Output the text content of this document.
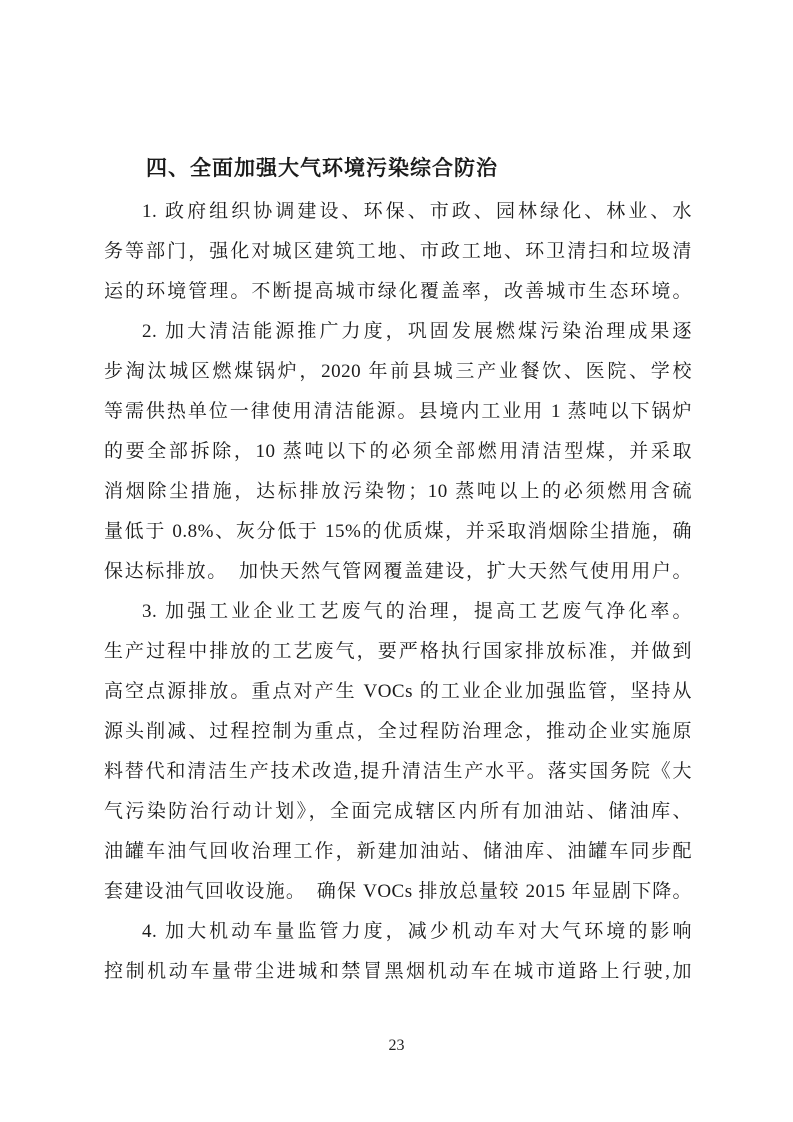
四、全面加强大气环境污染综合防治
1. 政府组织协调建设、环保、市政、园林绿化、林业、水
务等部门，强化对城区建筑工地、市政工地、环卫清扫和垃圾清
运的环境管理。不断提高城市绿化覆盖率，改善城市生态环境。
2. 加大清洁能源推广力度，巩固发展燃煤污染治理成果逐
步淘汰城区燃煤锅炉，2020 年前县城三产业餐饮、医院、学校
等需供热单位一律使用清洁能源。县境内工业用 1 蒸吨以下锅炉
的要全部拆除，10 蒸吨以下的必须全部燃用清洁型煤，并采取
消烟除尘措施，达标排放污染物；10 蒸吨以上的必须燃用含硫
量低于 0.8%、灰分低于 15%的优质煤，并采取消烟除尘措施，确
保达标排放。　加快天然气管网覆盖建设，扩大天然气使用用户。
3. 加强工业企业工艺废气的治理，提高工艺废气净化率。
生产过程中排放的工艺废气，要严格执行国家排放标准，并做到
高空点源排放。重点对产生 VOCs 的工业企业加强监管，坚持从
源头削减、过程控制为重点，全过程防治理念，推动企业实施原
料替代和清洁生产技术改造,提升清洁生产水平。落实国务院《大
气污染防治行动计划》，全面完成辖区内所有加油站、储油库、
油罐车油气回收治理工作，新建加油站、储油库、油罐车同步配
套建设油气回收设施。　确保 VOCs 排放总量较 2015 年显剧下降。
4. 加大机动车量监管力度，减少机动车对大气环境的影响
控制机动车量带尘进城和禁冒黑烟机动车在城市道路上行驶,加
23
